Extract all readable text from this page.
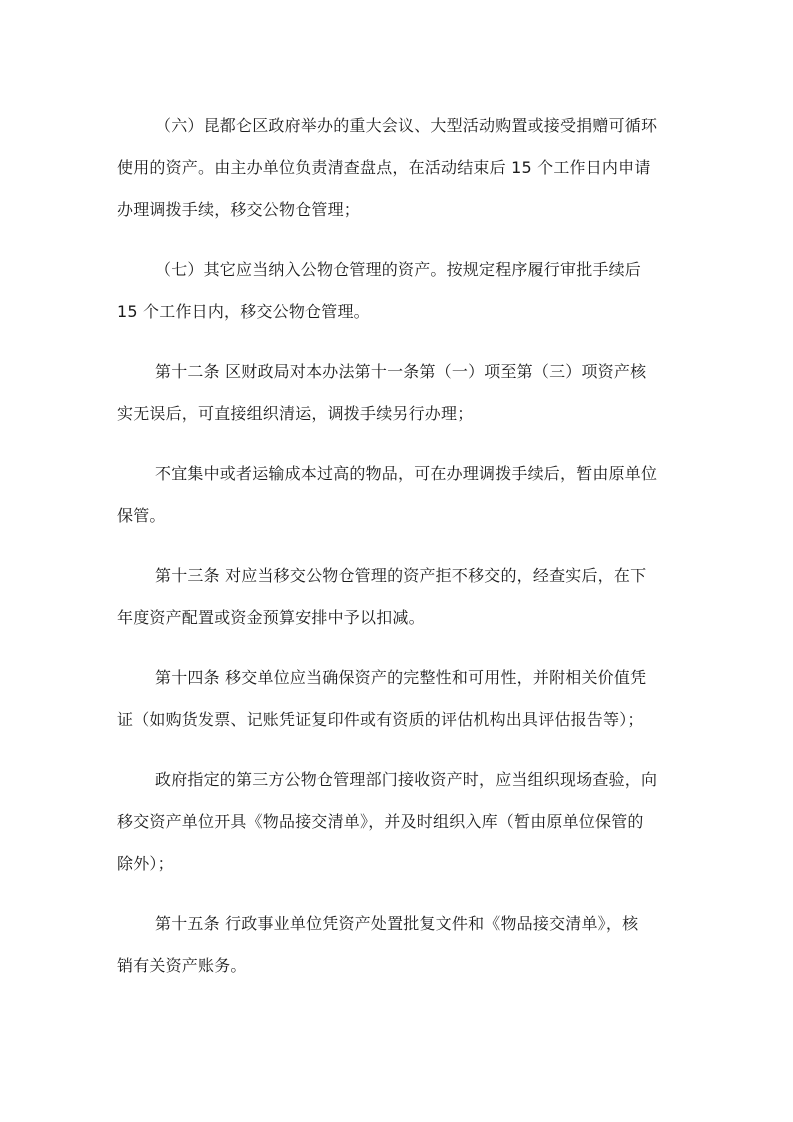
（六）昆都仑区政府举办的重大会议、大型活动购置或接受捐赠可循环
使用的资产。由主办单位负责清查盘点，在活动结束后 15 个工作日内申请
办理调拨手续，移交公物仓管理；
（七）其它应当纳入公物仓管理的资产。按规定程序履行审批手续后
15 个工作日内，移交公物仓管理。
第十二条 区财政局对本办法第十一条第（一）项至第（三）项资产核
实无误后，可直接组织清运，调拨手续另行办理；
不宜集中或者运输成本过高的物品，可在办理调拨手续后，暂由原单位
保管。
第十三条 对应当移交公物仓管理的资产拒不移交的，经查实后，在下
年度资产配置或资金预算安排中予以扣减。
第十四条 移交单位应当确保资产的完整性和可用性，并附相关价值凭
证（如购货发票、记账凭证复印件或有资质的评估机构出具评估报告等）；
政府指定的第三方公物仓管理部门接收资产时，应当组织现场查验，向
移交资产单位开具《物品接交清单》，并及时组织入库（暂由原单位保管的
除外）；
第十五条 行政事业单位凭资产处置批复文件和《物品接交清单》，核
销有关资产账务。
